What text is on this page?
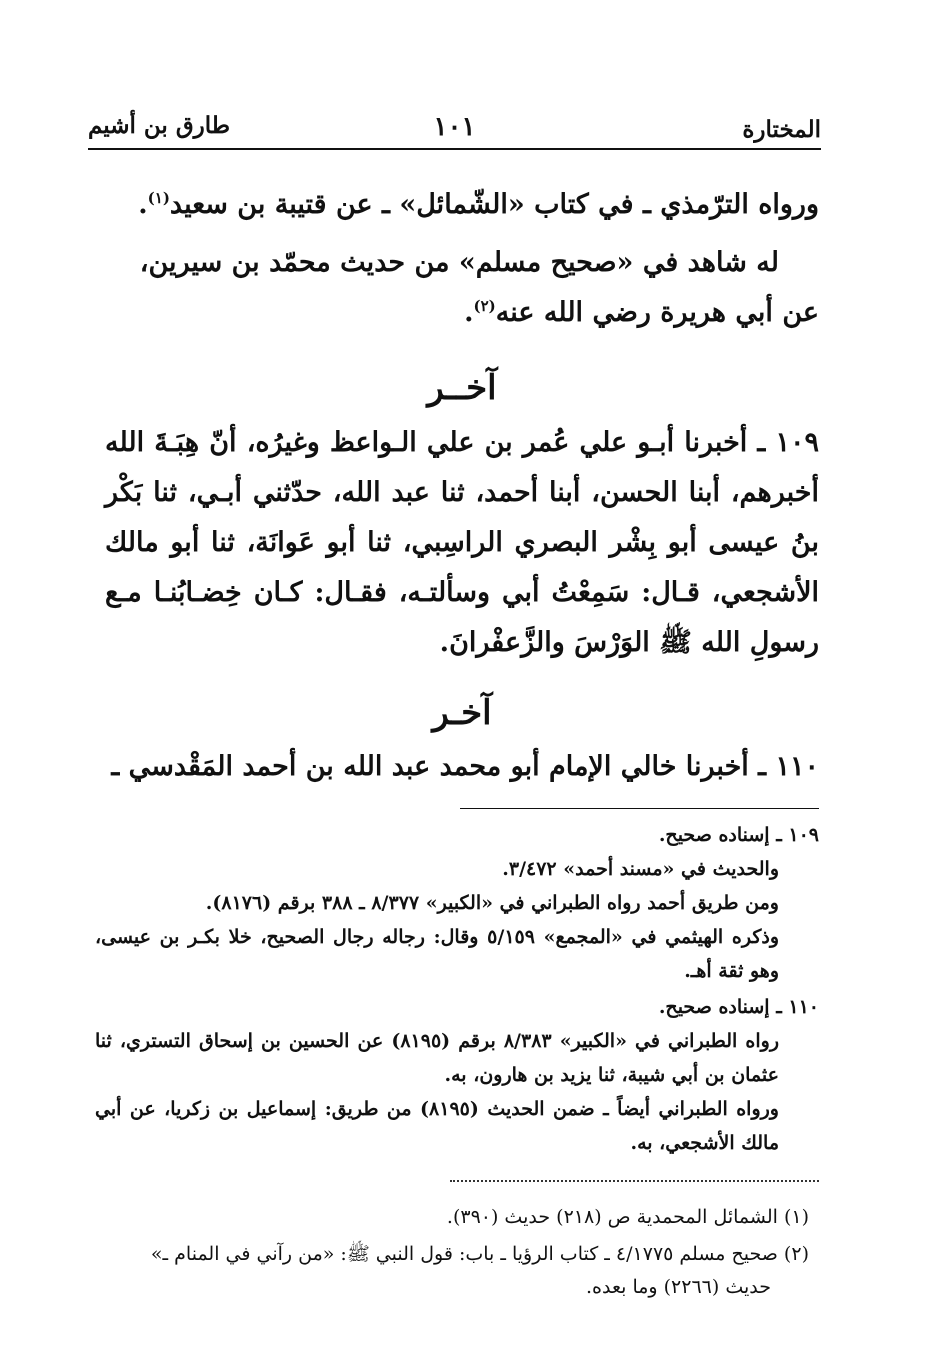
المختارة
١٠١
طارق بن أشيم
ورواه الترّمذي ـ في كتاب «الشّمائل» ـ عن قتيبة بن سعيد$^{(١)}$.
له شاهد في «صحيح مسلم» من حديث محمّد بن سيرين، عن أبي هريرة رضي الله عنه$^{(٢)}$.
آخــر
١٠٩ ـ أخبرنا أبـو علي عُمر بن علي الـواعظ وغيرُه، أنّ هِبَـةَ الله أخبرهم، أبنا الحسن، أبنا أحمد، ثنا عبد الله، حدّثني أبـي، ثنا بَكْر بنُ عيسى أبو بِشْر البصري الراسِبي، ثنا أبو عَوانَة، ثنا أبو مالك الأشجعي، قـال: سَمِعْتُ أبي وسألتـه، فقـال: كـان خِضـابُنـا مـع رسولِ الله ﷺ الوَرْسَ والزَّعفْرانَ.
آخـر
١١٠ ـ أخبرنا خالي الإمام أبو محمد عبد الله بن أحمد المَقْدسي ـ
١٠٩ ـ إسناده صحيح.
والحديث في «مسند أحمد» ٣/٤٧٢.
ومن طريق أحمد رواه الطبراني في «الكبير» ٨/٣٧٧ ـ ٣٨٨ برقم (٨١٧٦).
وذكره الهيثمي في «المجمع» ٥/١٥٩ وقال: رجاله رجال الصحيح، خلا بكـر بن عيسى، وهو ثقة أهـ.
١١٠ ـ إسناده صحيح.
رواه الطبراني في «الكبير» ٨/٣٨٣ برقم (٨١٩٥) عن الحسين بن إسحاق التستري، ثنا عثمان بن أبي شيبة، ثنا يزيد بن هارون، به.
ورواه الطبراني أيضاً ـ ضمن الحديث (٨١٩٥) من طريق: إسماعيل بن زكريا، عن أبي مالك الأشجعي، به.
(١) الشمائل المحمدية ص (٢١٨) حديث (٣٩٠).
(٢) صحيح مسلم ٤/١٧٧٥ ـ كتاب الرؤيا ـ باب: قول النبي ﷺ: «من رآني في المنام ـ»
حديث (٢٢٦٦) وما بعده.
